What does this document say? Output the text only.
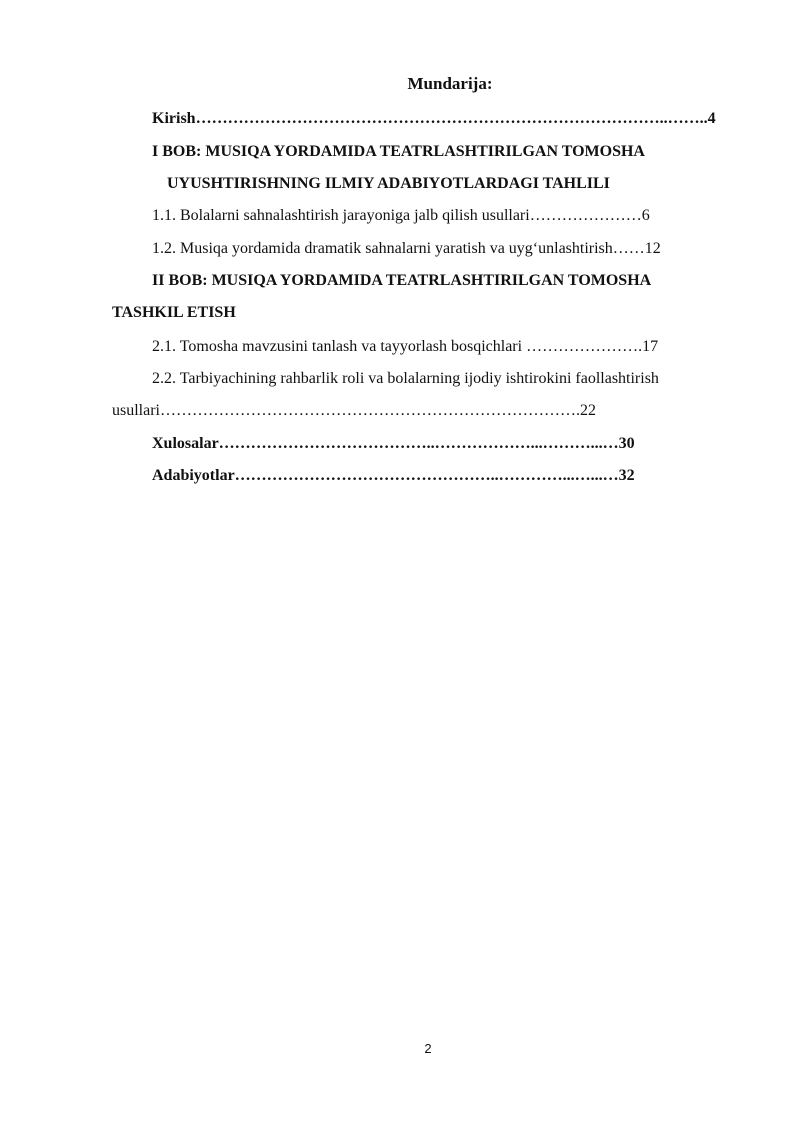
Mundarija:
Kirish……………………………………………………………………………..……..4
I BOB: MUSIQA YORDAMIDA TEATRLASHTIRILGAN TOMOSHA
UYUSHTIRISHNING ILMIY ADABIYOTLARDAGI TAHLILI
1.1. Bolalarni sahnalashtirish jarayoniga jalb qilish usullari…………………6
1.2. Musiqa yordamida dramatik sahnalarni yaratish va uyg‘unlashtirish……12
II BOB: MUSIQA YORDAMIDA TEATRLASHTIRILGAN TOMOSHA
TASHKIL ETISH
2.1. Tomosha mavzusini tanlash va tayyorlash bosqichlari ………………….17
2.2. Tarbiyachining rahbarlik roli va bolalarning ijodiy ishtirokini faollashtirish
usullari…………………………………………………………………….22
Xulosalar…………………………………..………………...………...…30
Adabiyotlar…………………………………………..…………...…...…32
2
